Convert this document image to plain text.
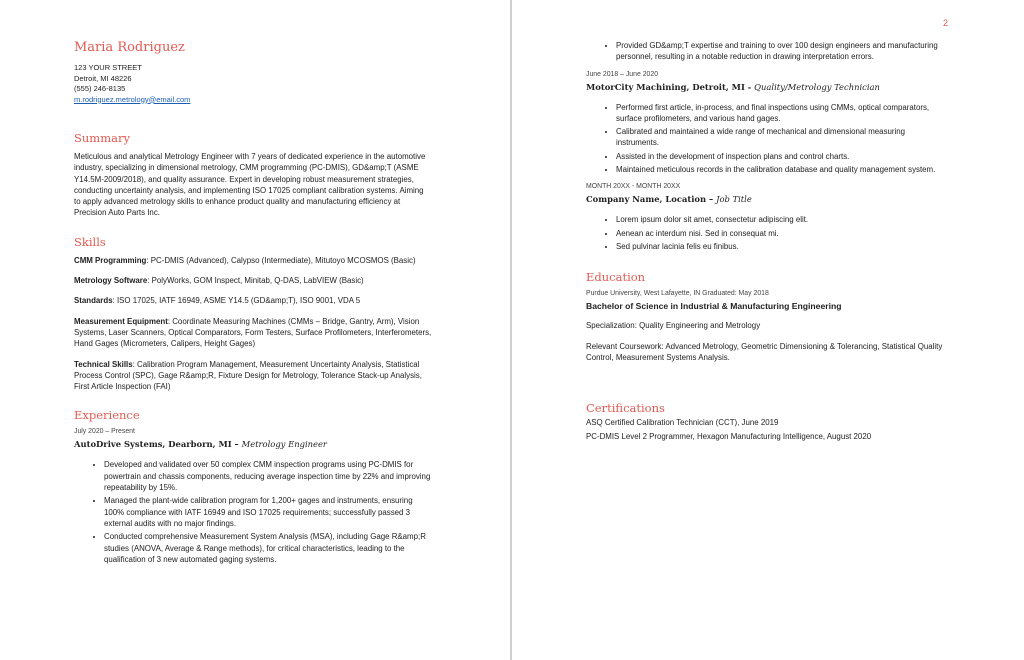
Maria Rodriguez
123 YOUR STREET
Detroit, MI 48226
(555) 246-8135
m.rodriguez.metrology@email.com
Summary

Meticulous and analytical Metrology Engineer with 7 years of dedicated experience in the automotive industry, specializing in dimensional metrology, CMM programming (PC-DMIS), GD&amp;T (ASME Y14.5M-2009/2018), and quality assurance. Expert in developing robust measurement strategies, conducting uncertainty analysis, and implementing ISO 17025 compliant calibration systems. Aiming to apply advanced metrology skills to enhance product quality and manufacturing efficiency at Precision Auto Parts Inc.

Skills

CMM Programming: PC-DMIS (Advanced), Calypso (Intermediate), Mitutoyo MCOSMOS (Basic)

Metrology Software: PolyWorks, GOM Inspect, Minitab, Q-DAS, LabVIEW (Basic)

Standards: ISO 17025, IATF 16949, ASME Y14.5 (GD&amp;T), ISO 9001, VDA 5

Measurement Equipment: Coordinate Measuring Machines (CMMs – Bridge, Gantry, Arm), Vision Systems, Laser Scanners, Optical Comparators, Form Testers, Surface Profilometers, Interferometers, Hand Gages (Micrometers, Calipers, Height Gages)

Technical Skills: Calibration Program Management, Measurement Uncertainty Analysis, Statistical Process Control (SPC), Gage R&amp;R, Fixture Design for Metrology, Tolerance Stack-up Analysis, First Article Inspection (FAI)

Experience

July 2020 – Present

AutoDrive Systems, Dearborn, MI – Metrology Engineer

• Developed and validated over 50 complex CMM inspection programs using PC-DMIS for powertrain and chassis components, reducing average inspection time by 22% and improving repeatability by 15%.
• Managed the plant-wide calibration program for 1,200+ gages and instruments, ensuring 100% compliance with IATF 16949 and ISO 17025 requirements; successfully passed 3 external audits with no major findings.
• Conducted comprehensive Measurement System Analysis (MSA), including Gage R&amp;R studies (ANOVA, Average & Range methods), for critical characteristics, leading to the qualification of 3 new automated gaging systems.
2
• Provided GD&amp;T expertise and training to over 100 design engineers and manufacturing personnel, resulting in a notable reduction in drawing interpretation errors.

June 2018 – June 2020

MotorCity Machining, Detroit, MI - Quality/Metrology Technician

• Performed first article, in-process, and final inspections using CMMs, optical comparators, surface profilometers, and various hand gages.
• Calibrated and maintained a wide range of mechanical and dimensional measuring instruments.
• Assisted in the development of inspection plans and control charts.
• Maintained meticulous records in the calibration database and quality management system.

MONTH 20XX - MONTH 20XX

Company Name, Location – Job Title

• Lorem ipsum dolor sit amet, consectetur adipiscing elit.
• Aenean ac interdum nisi. Sed in consequat mi.
• Sed pulvinar lacinia felis eu finibus.
Education

Purdue University, West Lafayette, IN Graduated: May 2018

Bachelor of Science in Industrial & Manufacturing Engineering

Specialization: Quality Engineering and Metrology

Relevant Coursework: Advanced Metrology, Geometric Dimensioning & Tolerancing, Statistical Quality Control, Measurement Systems Analysis.

Certifications

ASQ Certified Calibration Technician (CCT), June 2019

PC-DMIS Level 2 Programmer, Hexagon Manufacturing Intelligence, August 2020
